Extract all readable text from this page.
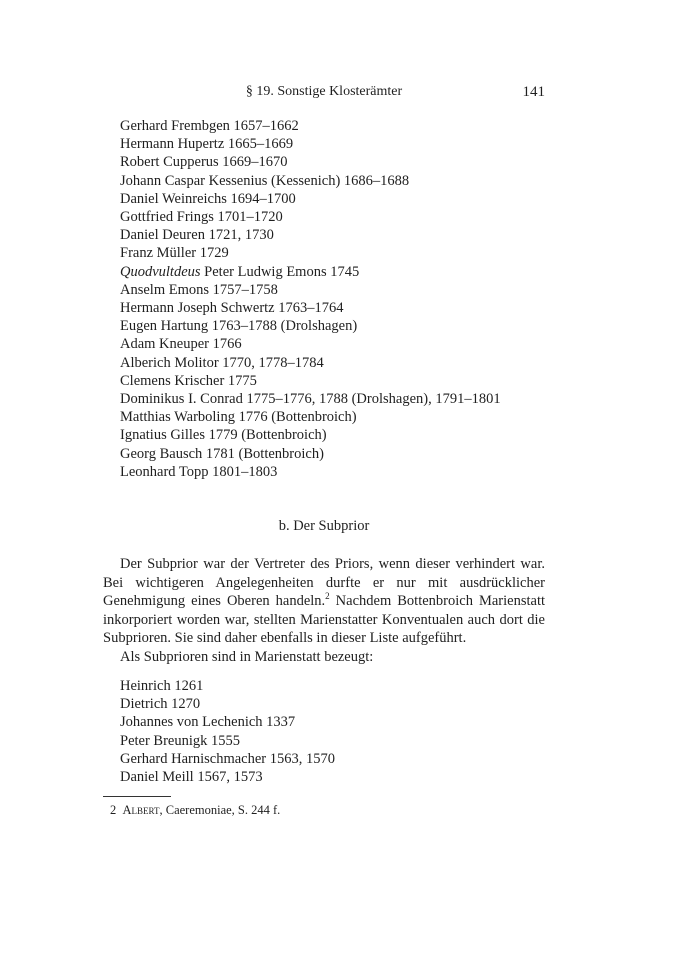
§ 19. Sonstige Klosterämter	141
Gerhard Frembgen 1657–1662
Hermann Hupertz 1665–1669
Robert Cupperus 1669–1670
Johann Caspar Kessenius (Kessenich) 1686–1688
Daniel Weinreichs 1694–1700
Gottfried Frings 1701–1720
Daniel Deuren 1721, 1730
Franz Müller 1729
Quodvultdeus Peter Ludwig Emons 1745
Anselm Emons 1757–1758
Hermann Joseph Schwertz 1763–1764
Eugen Hartung 1763–1788 (Drolshagen)
Adam Kneuper 1766
Alberich Molitor 1770, 1778–1784
Clemens Krischer 1775
Dominikus I. Conrad 1775–1776, 1788 (Drolshagen), 1791–1801
Matthias Warboling 1776 (Bottenbroich)
Ignatius Gilles 1779 (Bottenbroich)
Georg Bausch 1781 (Bottenbroich)
Leonhard Topp 1801–1803
b. Der Subprior

Der Subprior war der Vertreter des Priors, wenn dieser verhindert war. Bei wichtigeren Angelegenheiten durfte er nur mit ausdrücklicher Genehmigung eines Oberen handeln.$^2$ Nachdem Bottenbroich Marienstatt inkorporiert worden war, stellten Marienstatter Konventualen auch dort die Subprioren. Sie sind daher ebenfalls in dieser Liste aufgeführt.

Als Subprioren sind in Marienstatt bezeugt:

Heinrich 1261
Dietrich 1270
Johannes von Lechenich 1337
Peter Breunigk 1555
Gerhard Harnischmacher 1563, 1570
Daniel Meill 1567, 1573
2 Albert, Caeremoniae, S. 244 f.
